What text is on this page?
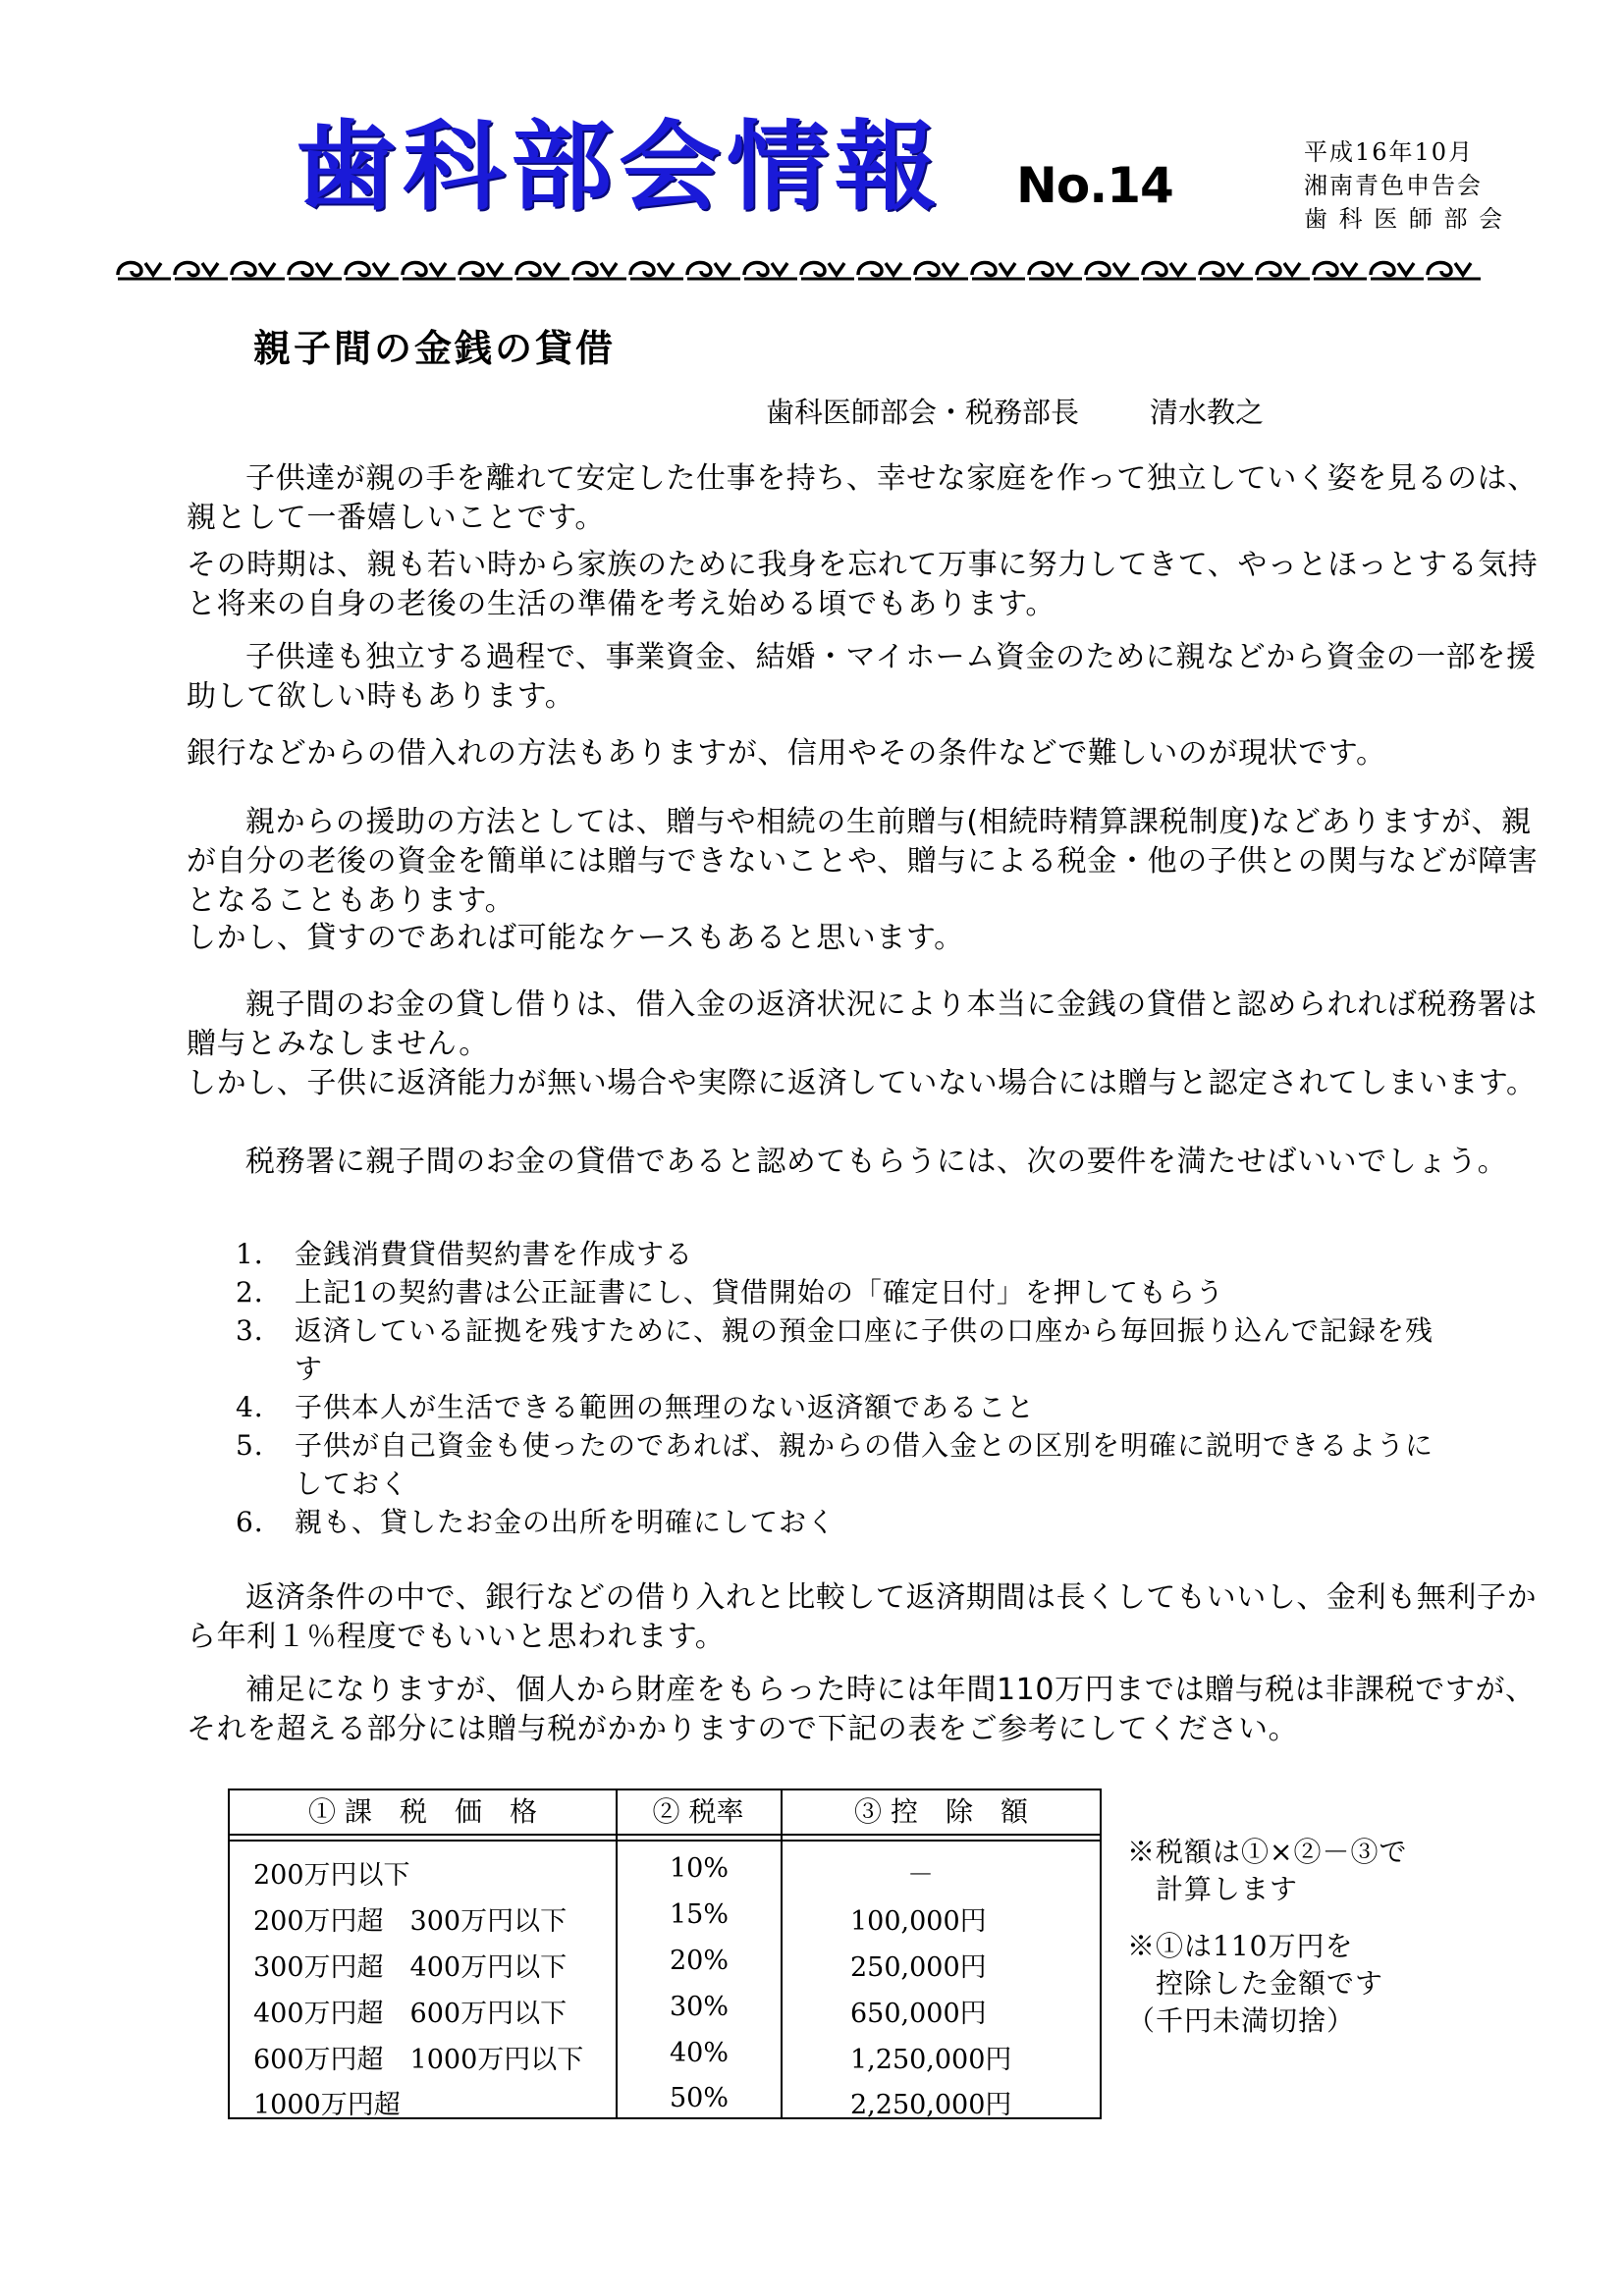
歯科部会情報 No.14
平成16年10月
湘南青色申告会
歯 科 医 師 部 会
親子間の金銭の貸借
歯科医師部会・税務部長 清水教之

子供達が親の手を離れて安定した仕事を持ち、幸せな家庭を作って独立していく姿を見るのは、親として一番嬉しいことです。

その時期は、親も若い時から家族のために我身を忘れて万事に努力してきて、やっとほっとする気持と将来の自身の老後の生活の準備を考え始める頃でもあります。

子供達も独立する過程で、事業資金、結婚・マイホーム資金のために親などから資金の一部を援助して欲しい時もあります。

銀行などからの借入れの方法もありますが、信用やその条件などで難しいのが現状です。

親からの援助の方法としては、贈与や相続の生前贈与(相続時精算課税制度)などありますが、親が自分の老後の資金を簡単には贈与できないことや、贈与による税金・他の子供との関与などが障害となることもあります。

しかし、貸すのであれば可能なケースもあると思います。

親子間のお金の貸し借りは、借入金の返済状況により本当に金銭の貸借と認められれば税務署は贈与とみなしません。

しかし、子供に返済能力が無い場合や実際に返済していない場合には贈与と認定されてしまいます。

税務署に親子間のお金の貸借であると認めてもらうには、次の要件を満たせばいいでしょう。

1． 金銭消費貸借契約書を作成する
2． 上記1の契約書は公正証書にし、貸借開始の「確定日付」を押してもらう
3． 返済している証拠を残すために、親の預金口座に子供の口座から毎回振り込んで記録を残す
4． 子供本人が生活できる範囲の無理のない返済額であること
5． 子供が自己資金も使ったのであれば、親からの借入金との区別を明確に説明できるようにしておく
6． 親も、貸したお金の出所を明確にしておく

返済条件の中で、銀行などの借り入れと比較して返済期間は長くしてもいいし、金利も無利子から年利１％程度でもいいと思われます。

補足になりますが、個人から財産をもらった時には年間110万円までは贈与税は非課税ですが、それを超える部分には贈与税がかかりますので下記の表をご参考にしてください。

① 課　税　価　格	② 税率	③ 控　除　額
200万円以下	10%	－
200万円超　300万円以下	15%	100,000円
300万円超　400万円以下	20%	250,000円
400万円超　600万円以下	30%	650,000円
600万円超　1000万円以下	40%	1,250,000円
1000万円超	50%	2,250,000円
※税額は①×②－③で
　計算します
※①は110万円を
　控除した金額です
（千円未満切捨）
